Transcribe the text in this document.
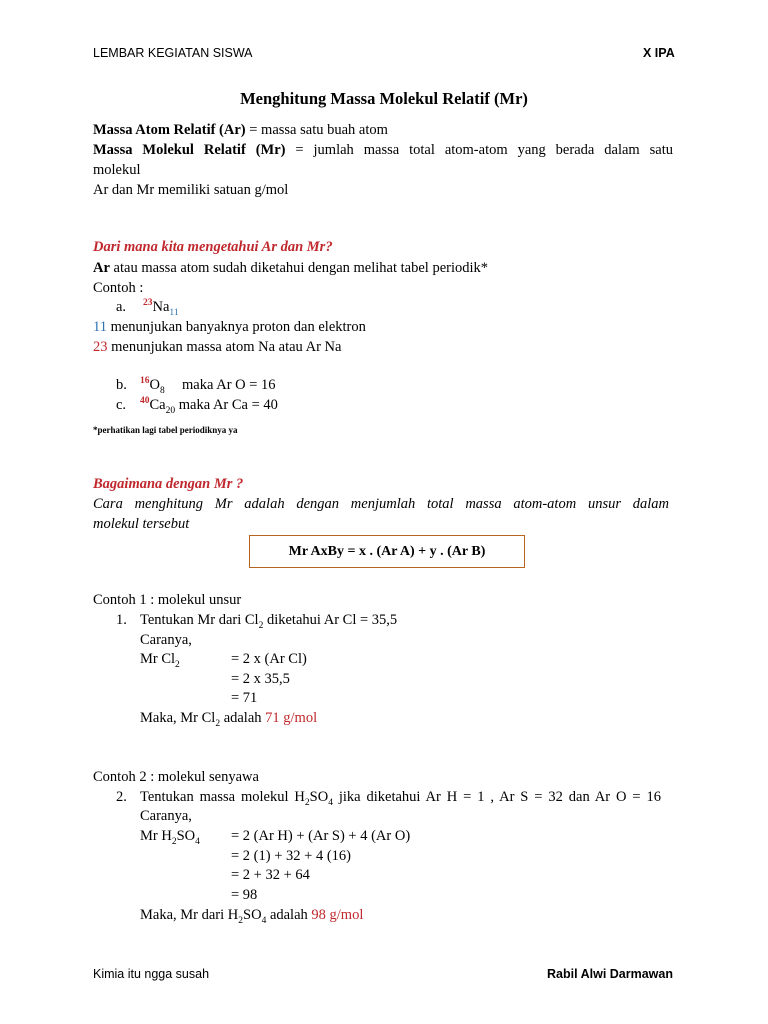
LEMBAR KEGIATAN SISWA	X IPA
Menghitung Massa Molekul Relatif (Mr)
Massa Atom Relatif (Ar) = massa satu buah atom
Massa Molekul Relatif (Mr) = jumlah massa total atom-atom yang berada dalam satu
molekul
Ar dan Mr memiliki satuan g/mol
Dari mana kita mengetahui Ar dan Mr?
Ar atau massa atom sudah diketahui dengan melihat tabel periodik*
Contoh :
a. $^{23}Na_{11}$
11 menunjukan banyaknya proton dan elektron
23 menunjukan massa atom Na atau Ar Na
b. $^{16}O_8$ maka Ar O = 16
c. $^{40}Ca_{20}$ maka Ar Ca = 40
*perhatikan lagi tabel periodiknya ya
Bagaimana dengan Mr ?
Cara menghitung Mr adalah dengan menjumlah total massa atom-atom unsur dalam
molekul tersebut
Mr AxBy = x . (Ar A) + y . (Ar B)
Contoh 1 : molekul unsur
1. Tentukan Mr dari $Cl_2$ diketahui Ar Cl = 35,5
Caranya,
Mr $Cl_2$	= 2 x (Ar Cl)
= 2 x 35,5
= 71
Maka, Mr $Cl_2$ adalah 71 g/mol
Contoh 2 : molekul senyawa
2. Tentukan massa molekul $H_2SO_4$ jika diketahui Ar H = 1 , Ar S = 32 dan Ar O = 16
Caranya,
Mr $H_2SO_4 = 2$ (Ar H) + (Ar S) + 4 (Ar O)
= 2 (1) + 32 + 4 (16)
= 2 + 32 + 64
= 98
Maka, Mr dari $H_2SO_4$ adalah 98 g/mol
Kimia itu ngga susah	Rabil Alwi Darmawan
